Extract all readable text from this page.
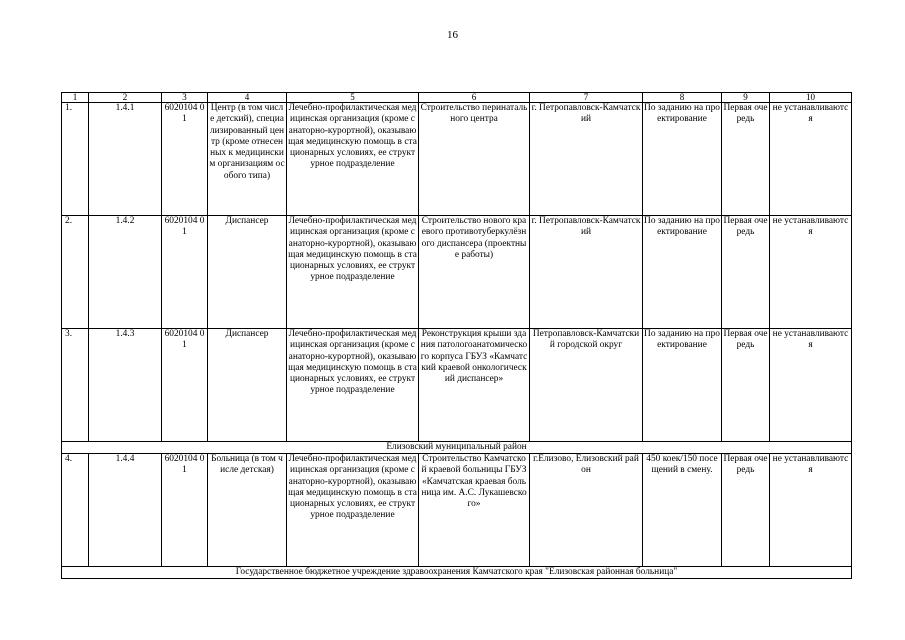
16
1	2	3	4	5	6	7	8	9	10
1.	1.4.1	6020104 01	Центр (в том числе детский), специализированный центр (кроме отнесенных к медицинским организациям особого типа)	Лечебно-профилактическая медицинская организация (кроме санаторно-курортной), оказывающая медицинскую помощь в стационарных условиях, ее структурное подразделение	Строительство перинатального центра	г. Петропавловск-Камчатский	По заданию на проектирование	Первая очередь	не устанавливаются
2.	1.4.2	6020104 01	Диспансер	Лечебно-профилактическая медицинская организация (кроме санаторно-курортной), оказывающая медицинскую помощь в стационарных условиях, ее структурное подразделение	Строительство нового краевого противотуберкулёзного диспансера (проектные работы)	г. Петропавловск-Камчатский	По заданию на проектирование	Первая очередь	не устанавливаются
3.	1.4.3	6020104 01	Диспансер	Лечебно-профилактическая медицинская организация (кроме санаторно-курортной), оказывающая медицинскую помощь в стационарных условиях, ее структурное подразделение	Реконструкция крыши здания патологоанатомического корпуса ГБУЗ «Камчатский краевой онкологический диспансер»	Петропавловск-Камчатский городской округ	По заданию на проектирование	Первая очередь	не устанавливаются
Елизовский муниципальный район									
4.	1.4.4	6020104 01	Больница (в том числе детская)	Лечебно-профилактическая медицинская организация (кроме санаторно-курортной), оказывающая медицинскую помощь в стационарных условиях, ее структурное подразделение	Строительство Камчатской краевой больницы ГБУЗ «Камчатская краевая больница им. А.С. Лукашевского»	г.Елизово, Елизовский район	450 коек/150 посещений в смену.	Первая очередь	не устанавливаются
Государственное бюджетное учреждение здравоохранения Камчатского края "Елизовская районная больница"									
